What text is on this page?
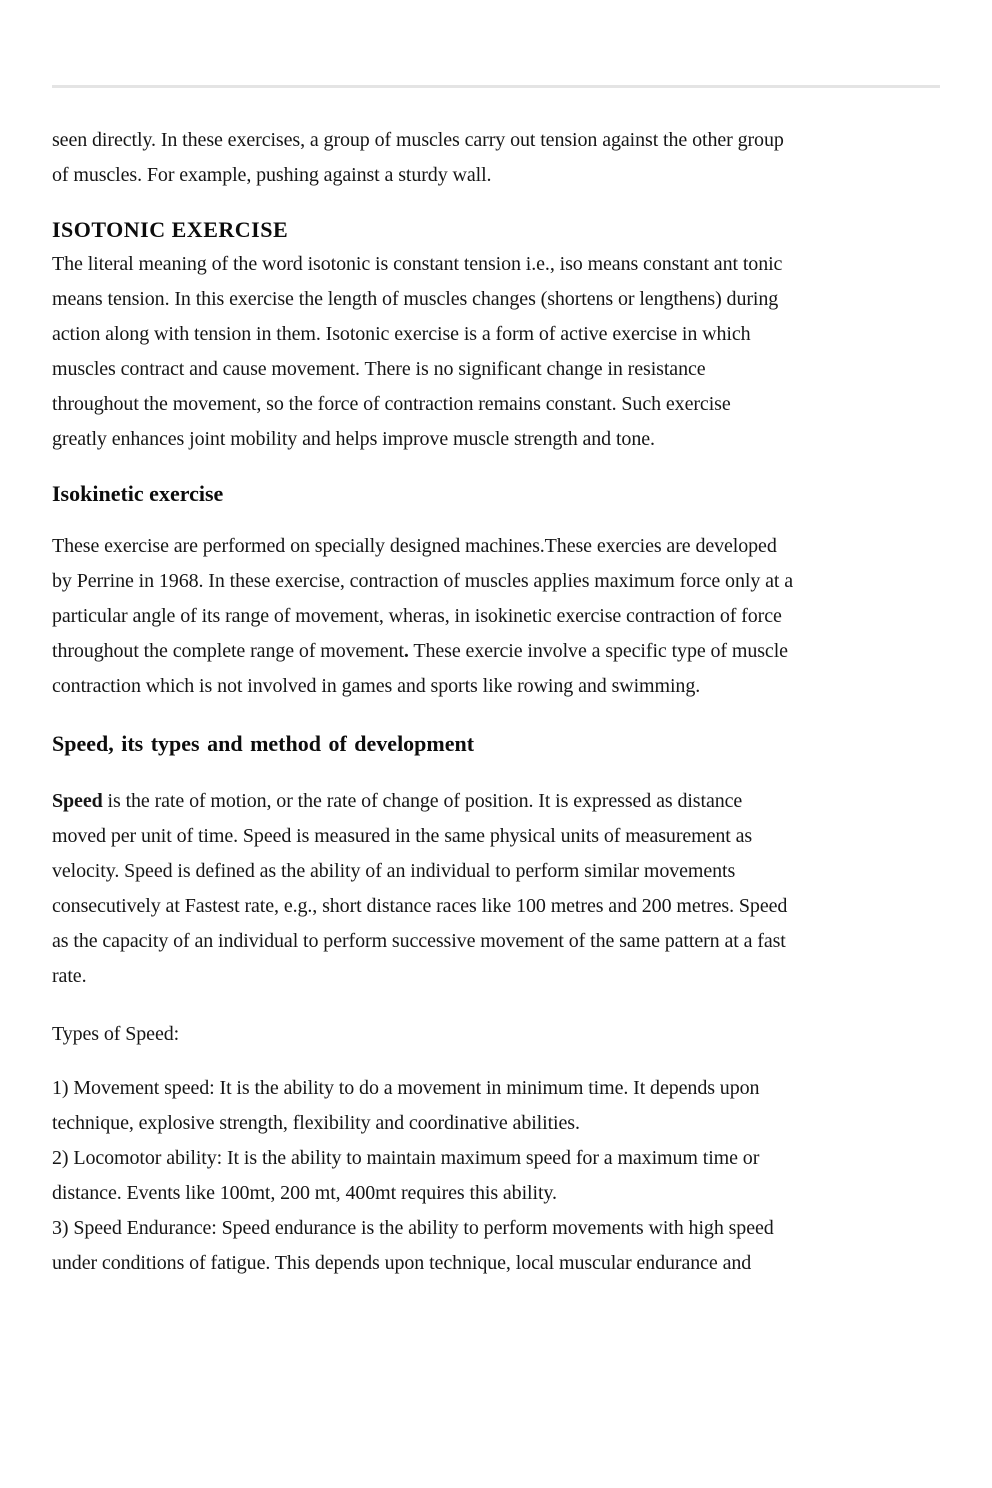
seen directly. In these exercises, a group of muscles carry out tension against the other group
of muscles. For example, pushing against a sturdy wall.
ISOTONIC EXERCISE
The literal meaning of the word isotonic is constant tension i.e., iso means constant ant tonic
means tension. In this exercise the length of muscles changes (shortens or lengthens) during
action along with tension in them. Isotonic exercise is a form of active exercise in which
muscles contract and cause movement. There is no significant change in resistance
throughout the movement, so the force of contraction remains constant. Such exercise
greatly enhances joint mobility and helps improve muscle strength and tone.
Isokinetic exercise
These exercise are performed on specially designed machines.These exercies are developed
by Perrine in 1968. In these exercise, contraction of muscles applies maximum force only at a
particular angle of its range of movement, wheras, in isokinetic exercise contraction of force
throughout the complete range of movement. These exercie involve a specific type of muscle
contraction which is not involved in games and sports like rowing and swimming.
Speed, its types and method of development
Speed is the rate of motion, or the rate of change of position. It is expressed as distance
moved per unit of time. Speed is measured in the same physical units of measurement as
velocity. Speed is defined as the ability of an individual to perform similar movements
consecutively at Fastest rate, e.g., short distance races like 100 metres and 200 metres. Speed
as the capacity of an individual to perform successive movement of the same pattern at a fast
rate.
Types of Speed:
1) Movement speed: It is the ability to do a movement in minimum time. It depends upon
technique, explosive strength, flexibility and coordinative abilities.
2) Locomotor ability: It is the ability to maintain maximum speed for a maximum time or
distance. Events like 100mt, 200 mt, 400mt requires this ability.
3) Speed Endurance: Speed endurance is the ability to perform movements with high speed
under conditions of fatigue. This depends upon technique, local muscular endurance and
